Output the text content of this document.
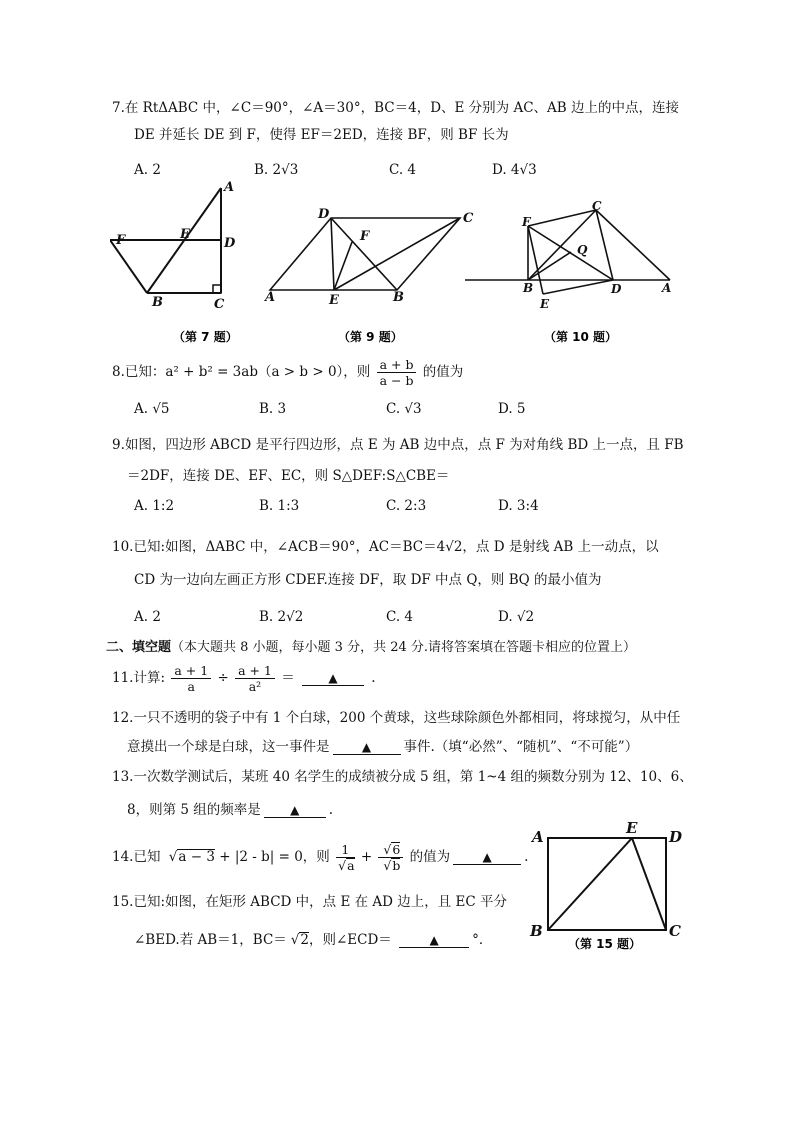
7.在 RtΔABC 中，∠C＝90°，∠A＝30°，BC＝4，D、E 分别为 AC、AB 边上的中点，连接
DE 并延长 DE 到 F，使得 EF＝2ED，连接 BF，则 BF 长为
A. 2	B. 2√3	C. 4	D. 4√3
A
F	E
D
B	C
（第 7 题）
D	C
F
A	E	B
（第 9 题）
C
F
Q
B
E
D	A
（第 10 题）
8.已知：a² + b² = 3ab（a > b > 0），则 $\frac{a + b}{a - b}$ 的值为
A. √5	B. 3	C. √3	D. 5
9.如图，四边形 ABCD 是平行四边形，点 E 为 AB 边中点，点 F 为对角线 BD 上一点，且 FB
＝2DF，连接 DE、EF、EC，则 S△DEF:S△CBE＝
A. 1:2	B. 1:3	C. 2:3	D. 3:4
10.已知:如图，ΔABC 中，∠ACB＝90°，AC＝BC＝4√2，点 D 是射线 AB 上一动点，以
CD 为一边向左画正方形 CDEF.连接 DF，取 DF 中点 Q，则 BQ 的最小值为
A. 2	B. 2√2	C. 4	D. √2
二、填空题（本大题共 8 小题，每小题 3 分，共 24 分.请将答案填在答题卡相应的位置上）
11.计算: $\frac{a + 1}{a} \div \frac{a + 1}{\text{a²}}$ ＝	▲ .
12.一只不透明的袋子中有 1 个白球，200 个黄球，这些球除颜色外都相同，将球搅匀，从中任
意摸出一个球是白球，这一事件是	▲ 事件.（填“必然”、“随机”、“不可能”）
13.一次数学测试后，某班 40 名学生的成绩被分成 5 组，第 1~4 组的频数分别为 12、10、6、
8，则第 5 组的频率是 ▲ .
14.已知 √ a − 3 + |2 - b| = 0，则 1
√ a + √ 6
√ b 的值为	▲ .
15.已知:如图，在矩形 ABCD 中，点 E 在 AD 边上，且 EC 平分
∠BED.若 AB＝1，BC＝ √ 2，则∠ECD＝	▲ °．
A	E D
B	C
（第 15 题）
